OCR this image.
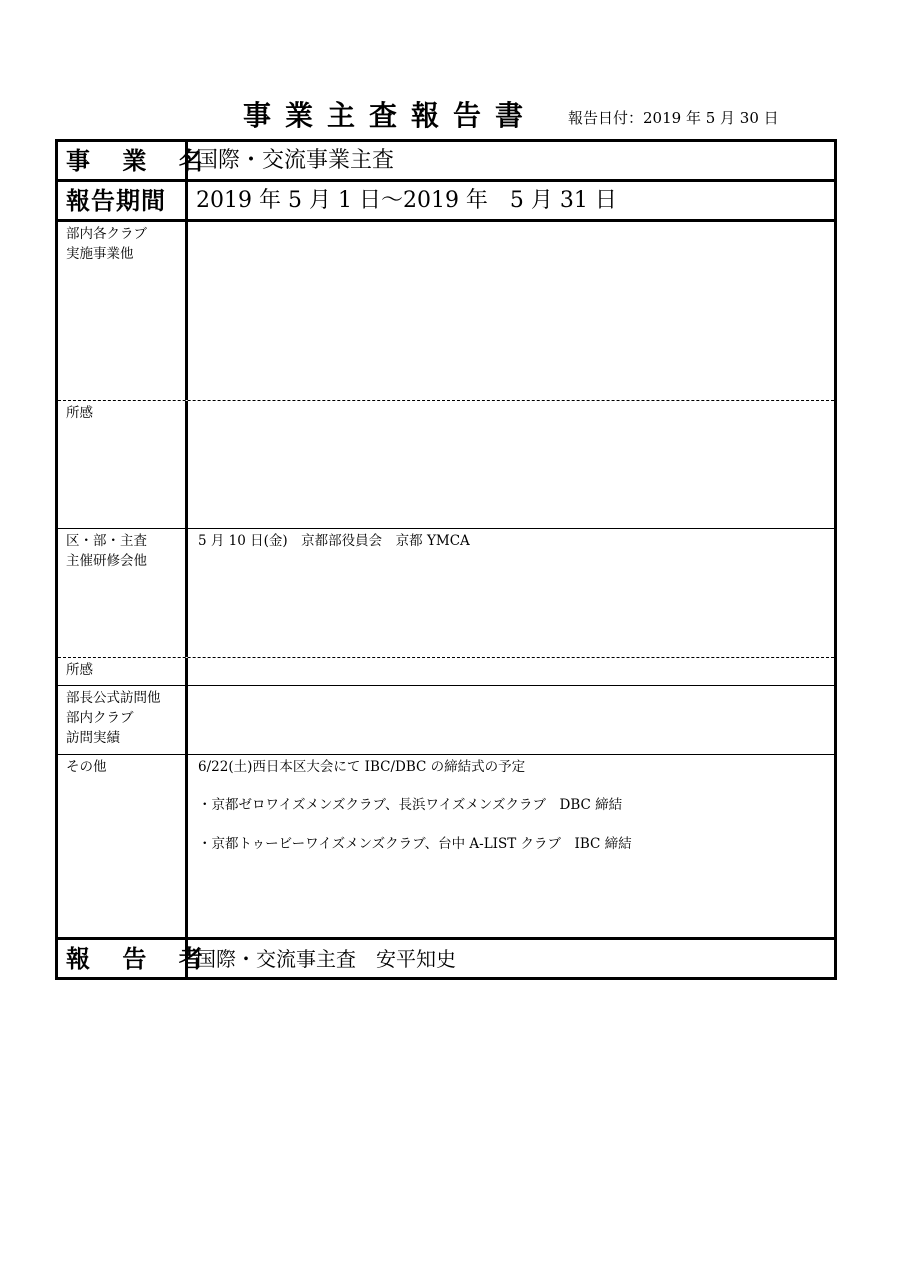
事業主査報告書 報告日付：2019 年 5 月 30 日
事 業 名
国際・交流事業主査
報告期間	2019 年 5 月 1 日〜2019 年　5 月 31 日
部内各クラブ
実施事業他
所感
区・部・主査
主催研修会他
5 月 10 日(金)　京都部役員会　京都 YMCA
所感
部長公式訪問他
部内クラブ
訪問実績
その他	6/22(土)西日本区大会にて IBC/DBC の締結式の予定
・京都ゼロワイズメンズクラブ、長浜ワイズメンズクラブ　DBC 締結
・京都トゥービーワイズメンズクラブ、台中 A-LIST クラブ　IBC 締結
報 告 者
国際・交流事主査　安平知史
